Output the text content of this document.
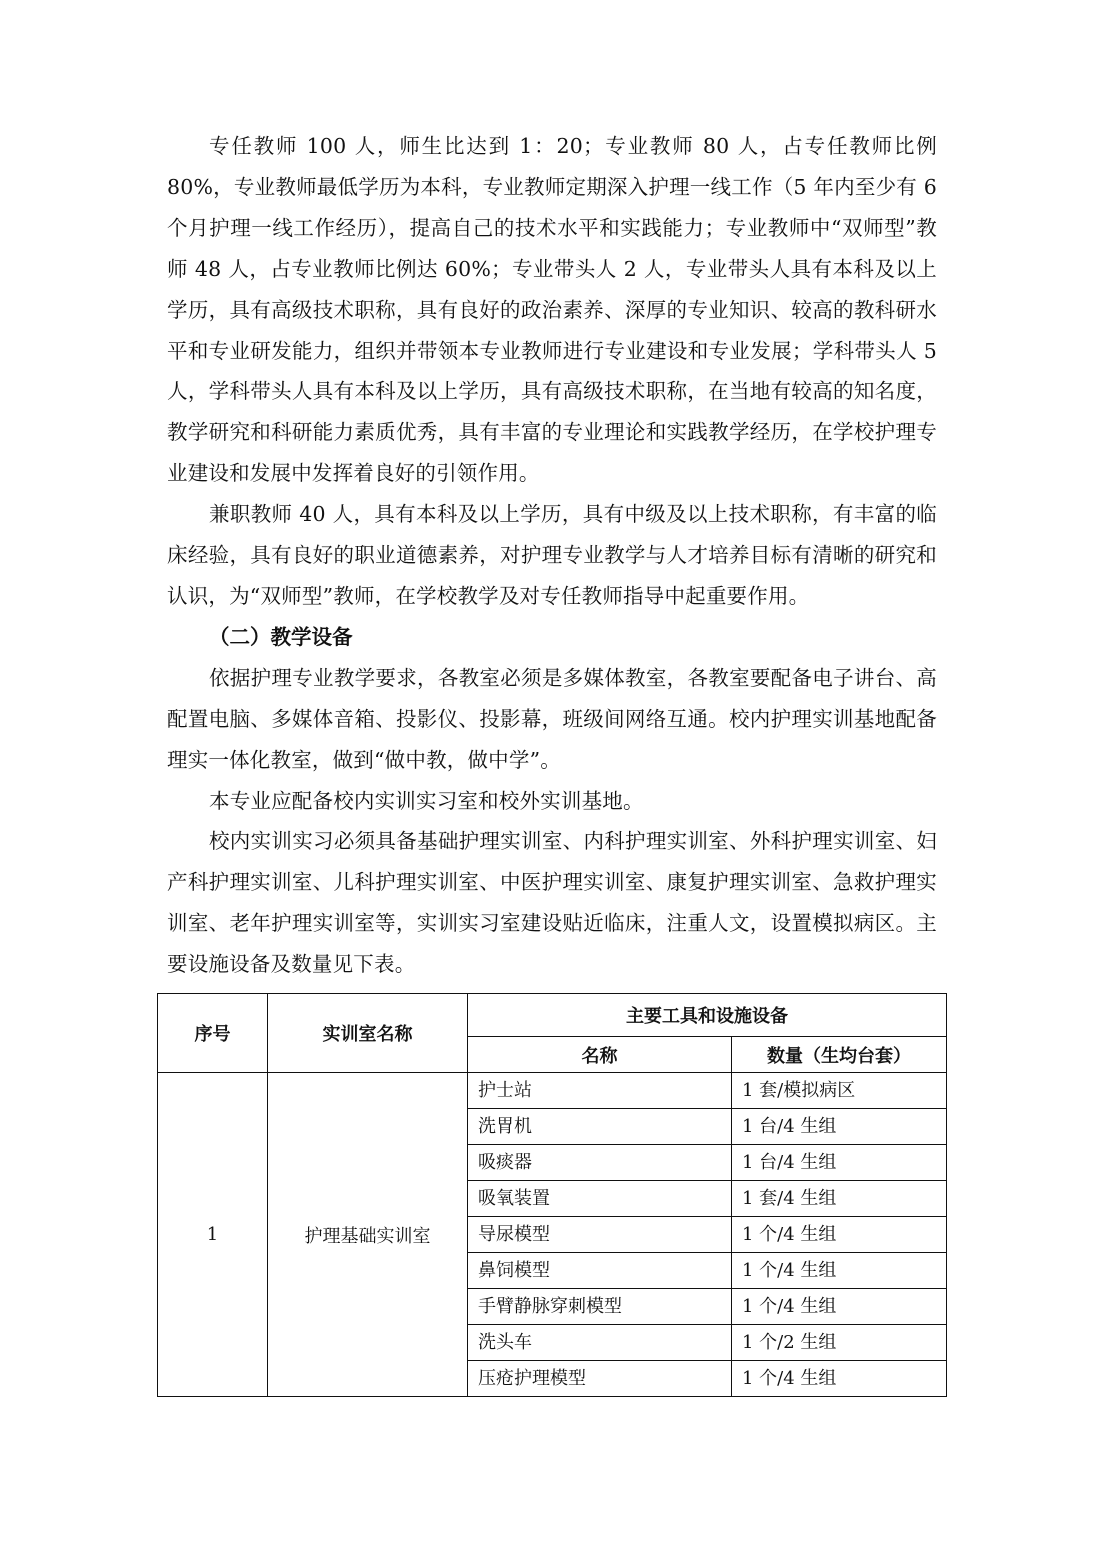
专任教师 100 人，师生比达到 1：20；专业教师 80 人，占专任教师比例 80%，专业教师最低学历为本科，专业教师定期深入护理一线工作（5 年内至少有 6 个月护理一线工作经历），提高自己的技术水平和实践能力；专业教师中“双师型”教师 48 人，占专业教师比例达 60%；专业带头人 2 人，专业带头人具有本科及以上学历，具有高级技术职称，具有良好的政治素养、深厚的专业知识、较高的教科研水平和专业研发能力，组织并带领本专业教师进行专业建设和专业发展；学科带头人 5 人，学科带头人具有本科及以上学历，具有高级技术职称，在当地有较高的知名度，教学研究和科研能力素质优秀，具有丰富的专业理论和实践教学经历，在学校护理专业建设和发展中发挥着良好的引领作用。

兼职教师 40 人，具有本科及以上学历，具有中级及以上技术职称，有丰富的临床经验，具有良好的职业道德素养，对护理专业教学与人才培养目标有清晰的研究和认识，为“双师型”教师，在学校教学及对专任教师指导中起重要作用。

（二）教学设备

依据护理专业教学要求，各教室必须是多媒体教室，各教室要配备电子讲台、高配置电脑、多媒体音箱、投影仪、投影幕，班级间网络互通。校内护理实训基地配备理实一体化教室，做到“做中教，做中学”。

本专业应配备校内实训实习室和校外实训基地。

校内实训实习必须具备基础护理实训室、内科护理实训室、外科护理实训室、妇产科护理实训室、儿科护理实训室、中医护理实训室、康复护理实训室、急救护理实训室、老年护理实训室等，实训实习室建设贴近临床，注重人文，设置模拟病区。主要设施设备及数量见下表。

序号	实训室名称	主要工具和设施设备	
		名称	数量（生均台套）
1	护理基础实训室	护士站	1 套/模拟病区
		洗胃机	1 台/4 生组
		吸痰器	1 台/4 生组
		吸氧装置	1 套/4 生组
		导尿模型	1 个/4 生组
		鼻饲模型	1 个/4 生组
		手臂静脉穿刺模型	1 个/4 生组
		洗头车	1 个/2 生组
		压疮护理模型	1 个/4 生组
